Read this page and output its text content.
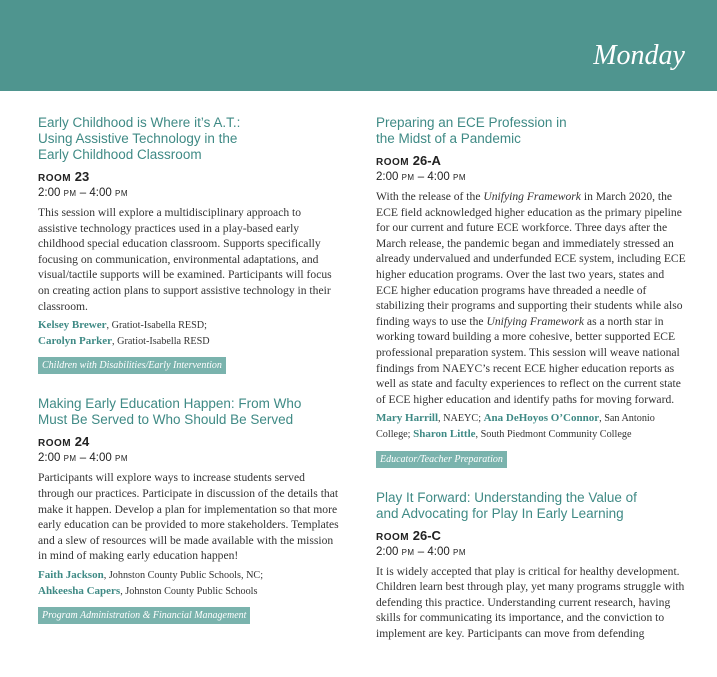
Monday
Early Childhood is Where it’s A.T.:
Using Assistive Technology in the
Early Childhood Classroom
ROOM 23
2:00 PM – 4:00 PM

This session will explore a multidisciplinary approach to assistive technology practices used in a play-based early childhood special education classroom. Supports specifically focusing on communication, environmental adaptations, and visual/tactile supports will be examined. Participants will focus on creating action plans to support assistive technology in their classroom.

Kelsey Brewer, Gratiot-Isabella RESD;
Carolyn Parker, Gratiot-Isabella RESD
Children with Disabilities/Early Intervention
Making Early Education Happen: From Who
Must Be Served to Who Should Be Served
ROOM 24
2:00 PM – 4:00 PM

Participants will explore ways to increase students served through our practices. Participate in discussion of the details that make it happen. Develop a plan for implementation so that more early education can be provided to more stakeholders. Templates and a slew of resources will be made available with the mission in mind of making early education happen!

Faith Jackson, Johnston County Public Schools, NC;
Ahkeesha Capers, Johnston County Public Schools
Program Administration & Financial Management
Preparing an ECE Profession in
the Midst of a Pandemic
ROOM 26-A
2:00 PM – 4:00 PM

With the release of the Unifying Framework in March 2020, the ECE field acknowledged higher education as the primary pipeline for our current and future ECE workforce. Three days after the March release, the pandemic began and immediately stressed an already undervalued and underfunded ECE system, including ECE higher education programs. Over the last two years, states and ECE higher education programs have threaded a needle of stabilizing their programs and supporting their students while also finding ways to use the Unifying Framework as a north star in working toward building a more cohesive, better supported ECE professional preparation system. This session will weave national findings from NAEYC’s recent ECE higher education reports as well as state and faculty experiences to reflect on the current state of ECE higher education and identify paths for moving forward.

Mary Harrill, NAEYC; Ana DeHoyos O’Connor, San Antonio College; Sharon Little, South Piedmont Community College
Educator/Teacher Preparation
Play It Forward: Understanding the Value of
and Advocating for Play In Early Learning
ROOM 26-C
2:00 PM – 4:00 PM

It is widely accepted that play is critical for healthy development. Children learn best through play, yet many programs struggle with defending this practice. Understanding current research, having skills for communicating its importance, and the conviction to implement are key. Participants can move from defending
